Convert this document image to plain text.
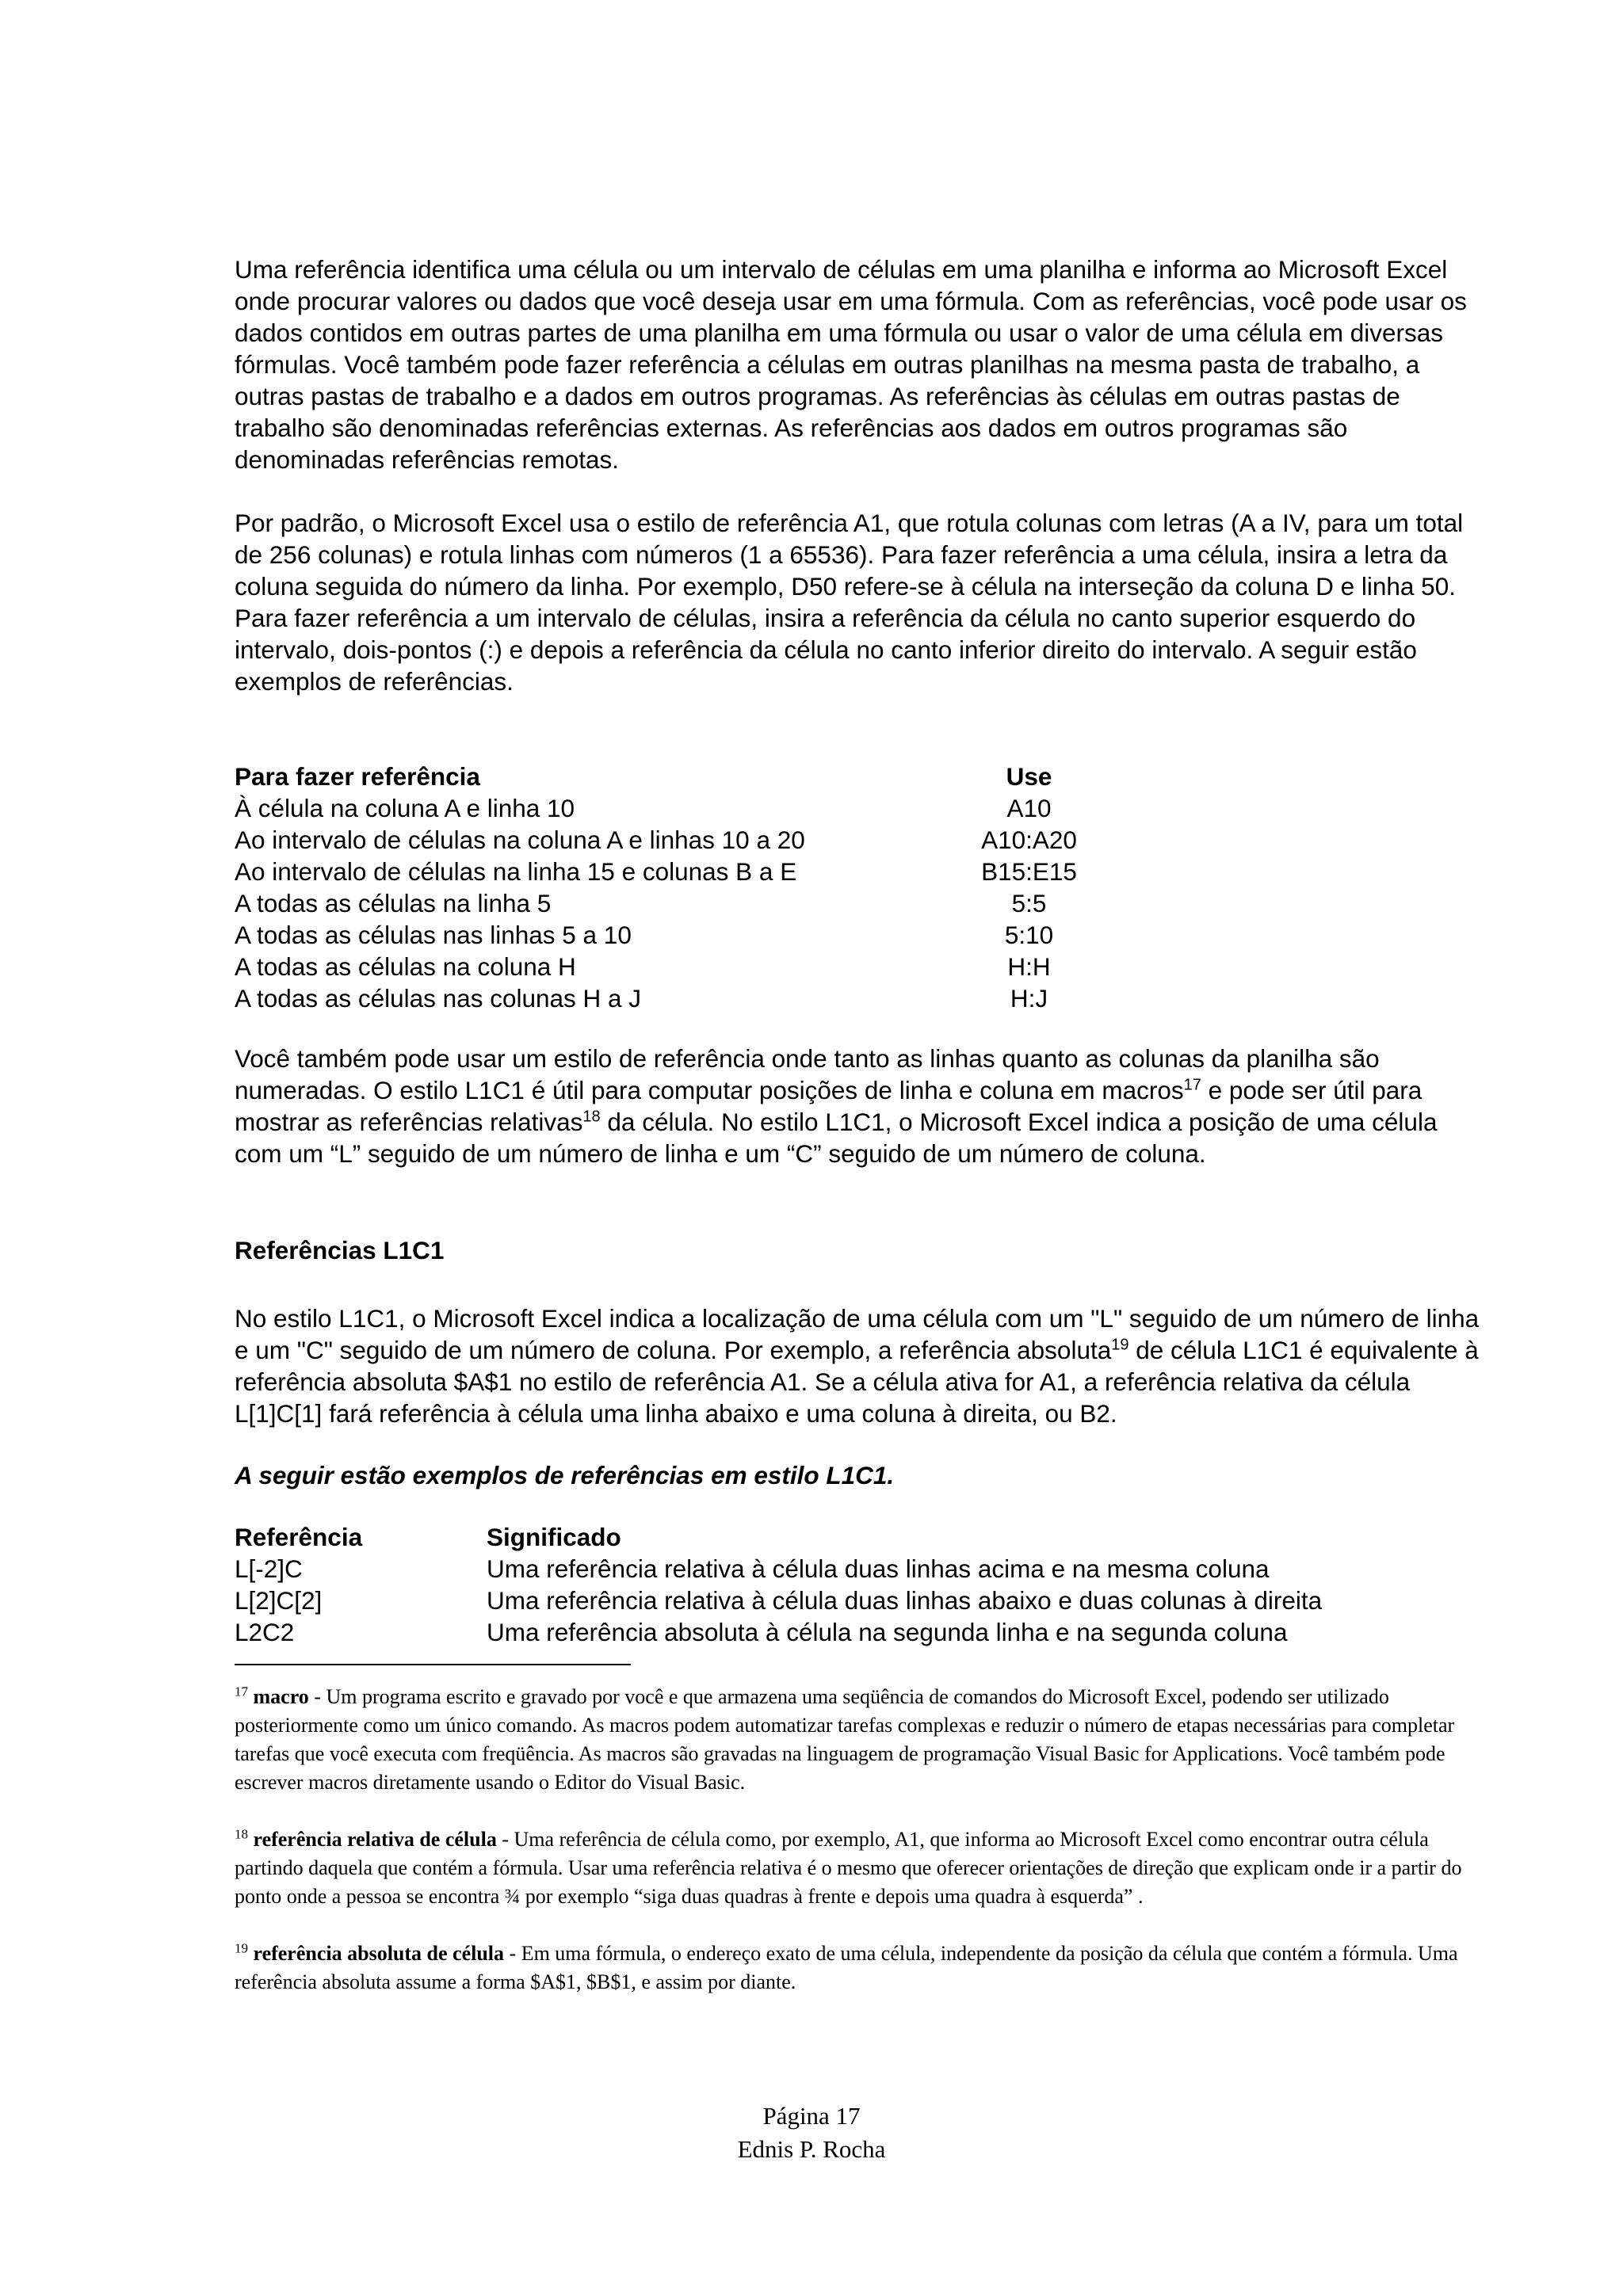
Uma referência identifica uma célula ou um intervalo de células em uma planilha e informa ao Microsoft Excel onde procurar valores ou dados que você deseja usar em uma fórmula. Com as referências, você pode usar os dados contidos em outras partes de uma planilha em uma fórmula ou usar o valor de uma célula em diversas fórmulas. Você também pode fazer referência a células em outras planilhas na mesma pasta de trabalho, a outras pastas de trabalho e a dados em outros programas. As referências às células em outras pastas de trabalho são denominadas referências externas. As referências aos dados em outros programas são denominadas referências remotas.

Por padrão, o Microsoft Excel usa o estilo de referência A1, que rotula colunas com letras (A a IV, para um total de 256 colunas) e rotula linhas com números (1 a 65536). Para fazer referência a uma célula, insira a letra da coluna seguida do número da linha. Por exemplo, D50 refere-se à célula na interseção da coluna D e linha 50. Para fazer referência a um intervalo de células, insira a referência da célula no canto superior esquerdo do intervalo, dois-pontos (:) e depois a referência da célula no canto inferior direito do intervalo. A seguir estão exemplos de referências.

Para fazer referência	Use
À célula na coluna A e linha 10	A10
Ao intervalo de células na coluna A e linhas 10 a 20	A10:A20
Ao intervalo de células na linha 15 e colunas B a E	B15:E15
A todas as células na linha 5	5:5
A todas as células nas linhas 5 a 10	5:10
A todas as células na coluna H	H:H
A todas as células nas colunas H a J	H:J

Você também pode usar um estilo de referência onde tanto as linhas quanto as colunas da planilha são numeradas. O estilo L1C1 é útil para computar posições de linha e coluna em macros$^{17}$ e pode ser útil para mostrar as referências relativas$^{18}$ da célula. No estilo L1C1, o Microsoft Excel indica a posição de uma célula com um “L” seguido de um número de linha e um “C” seguido de um número de coluna.

Referências L1C1

No estilo L1C1, o Microsoft Excel indica a localização de uma célula com um "L" seguido de um número de linha e um "C" seguido de um número de coluna. Por exemplo, a referência absoluta$^{19}$ de célula L1C1 é equivalente à referência absoluta $A$1 no estilo de referência A1. Se a célula ativa for A1, a referência relativa da célula L[1]C[1] fará referência à célula uma linha abaixo e uma coluna à direita, ou B2.

A seguir estão exemplos de referências em estilo L1C1.

Referência	Significado
L[-2]C	Uma referência relativa à célula duas linhas acima e na mesma coluna
L[2]C[2]	Uma referência relativa à célula duas linhas abaixo e duas colunas à direita
L2C2	Uma referência absoluta à célula na segunda linha e na segunda coluna

$^{17}$ macro - Um programa escrito e gravado por você e que armazena uma seqüência de comandos do Microsoft Excel, podendo ser utilizado posteriormente como um único comando. As macros podem automatizar tarefas complexas e reduzir o número de etapas necessárias para completar tarefas que você executa com freqüência. As macros são gravadas na linguagem de programação Visual Basic for Applications. Você também pode escrever macros diretamente usando o Editor do Visual Basic.

$^{18}$ referência relativa de célula - Uma referência de célula como, por exemplo, A1, que informa ao Microsoft Excel como encontrar outra célula partindo daquela que contém a fórmula. Usar uma referência relativa é o mesmo que oferecer orientações de direção que explicam onde ir a partir do ponto onde a pessoa se encontra ¾ por exemplo “siga duas quadras à frente e depois uma quadra à esquerda” .

$^{19}$ referência absoluta de célula - Em uma fórmula, o endereço exato de uma célula, independente da posição da célula que contém a fórmula. Uma referência absoluta assume a forma $A$1, $B$1, e assim por diante.

Página 17
Ednis P. Rocha
